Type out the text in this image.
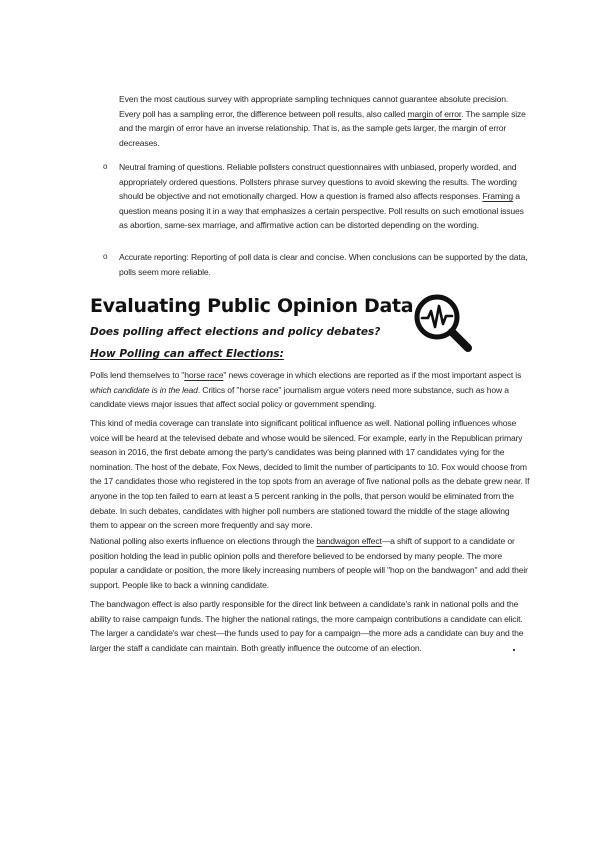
Even the most cautious survey with appropriate sampling techniques cannot guarantee absolute precision. Every poll has a sampling error, the difference between poll results, also called margin of error. The sample size and the margin of error have an inverse relationship. That is, as the sample gets larger, the margin of error decreases.

o	Neutral framing of questions. Reliable pollsters construct questionnaires with unbiased, properly worded, and appropriately ordered questions. Pollsters phrase survey questions to avoid skewing the results. The wording should be objective and not emotionally charged. How a question is framed also affects responses. Framing a question means posing it in a way that emphasizes a certain perspective. Poll results on such emotional issues as abortion, same-sex marriage, and affirmative action can be distorted depending on the wording.

o	Accurate reporting: Reporting of poll data is clear and concise. When conclusions can be supported by the data, polls seem more reliable.

Evaluating Public Opinion Data
Does polling affect elections and policy debates?
How Polling can affect Elections:

Polls lend themselves to "horse race" news coverage in which elections are reported as if the most important aspect is which candidate is in the lead. Critics of "horse race" journalism argue voters need more substance, such as how a candidate views major issues that affect social policy or government spending.

This kind of media coverage can translate into significant political influence as well. National polling influences whose voice will be heard at the televised debate and whose would be silenced. For example, early in the Republican primary season in 2016, the first debate among the party's candidates was being planned with 17 candidates vying for the nomination. The host of the debate, Fox News, decided to limit the number of participants to 10. Fox would choose from the 17 candidates those who registered in the top spots from an average of five national polls as the debate grew near. If anyone in the top ten failed to earn at least a 5 percent ranking in the polls, that person would be eliminated from the debate. In such debates, candidates with higher poll numbers are stationed toward the middle of the stage allowing them to appear on the screen more frequently and say more.

National polling also exerts influence on elections through the bandwagon effect—a shift of support to a candidate or position holding the lead in public opinion polls and therefore believed to be endorsed by many people. The more popular a candidate or position, the more likely increasing numbers of people will "hop on the bandwagon" and add their support. People like to back a winning candidate.

The bandwagon effect is also partly responsible for the direct link between a candidate's rank in national polls and the ability to raise campaign funds. The higher the national ratings, the more campaign contributions a candidate can elicit. The larger a candidate's war chest—the funds used to pay for a campaign—the more ads a candidate can buy and the larger the staff a candidate can maintain. Both greatly influence the outcome of an election.
